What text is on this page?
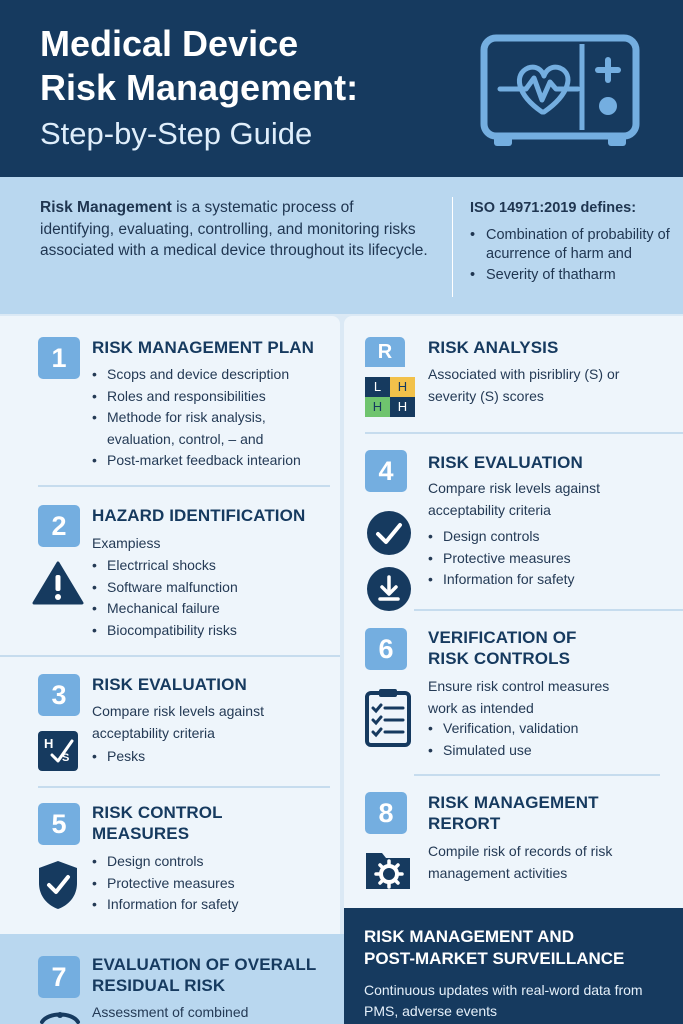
Medical Device
Risk Management:
Step-by-Step Guide
Risk Management is a systematic process of identifying, evaluating, controlling, and monitoring risks associated with a medical device throughout its lifecycle.
ISO 14971:2019 defines:
• Combination of probability of acurrence of harm and
• Severity of thatharm
1	RISK MANAGEMENT PLAN
• Scops and device description
• Roles and responsibilities
• Methode for risk analysis, evaluation, control, – and
• Post-market feedback intearion
2	HAZARD IDENTIFICATION
Exampiess
• Electrrical shocks
• Software malfunction
• Mechanical failure
• Biocompatibility risks
3	RISK EVALUATION
Compare risk levels against acceptability criteria
H
S
•	Pesks
5	RISK CONTROL
MEASURES
• Design controls
• Protective measures
• Information for safety
7	EVALUATION OF OVERALL
RESIDUAL RISK
Assessment of combined
R
L	H
H	H
RISK ANALYSIS
Associated with pisribliry (S) or severity (S) scores
4	RISK EVALUATION
Compare risk levels against acceptability criteria
• Design controls
• Protective measures
• Information for safety
6	VERIFICATION OF
RISK CONTROLS
Ensure risk control measures work as intended
• Verification, validation
• Simulated use
8	RISK MANAGEMENT
RERORT
Compile risk of records of risk management activities
RISK MANAGEMENT AND
POST-MARKET SURVEILLANCE
Continuous updates with real-word data from PMS, adverse events
